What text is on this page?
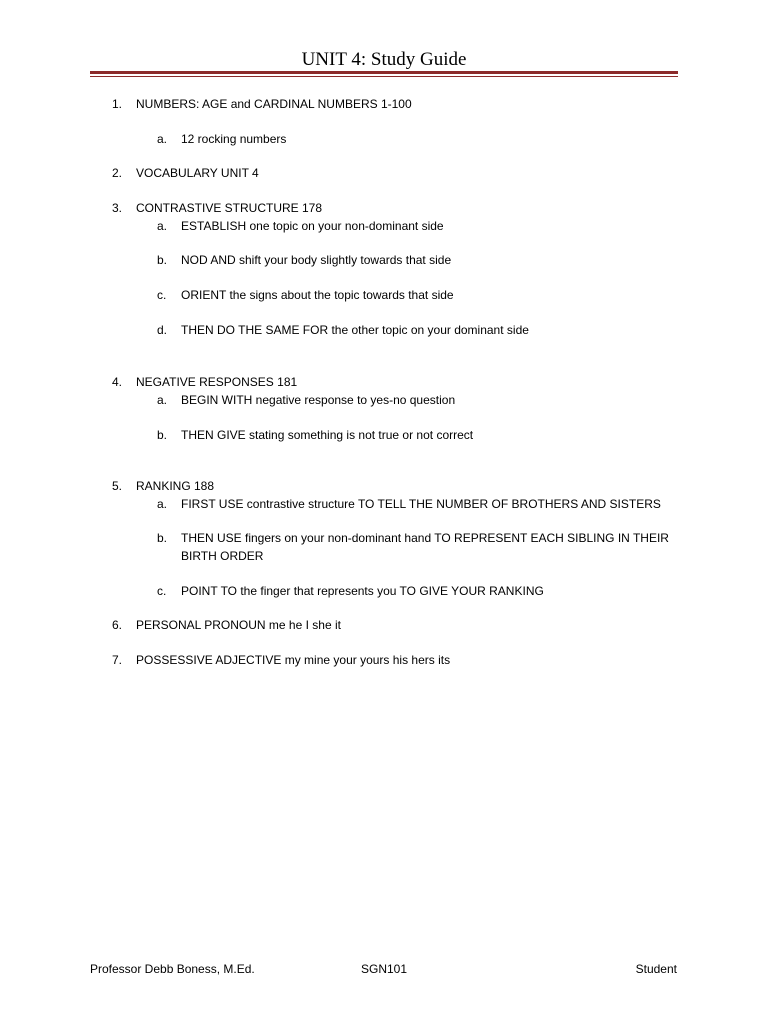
UNIT 4: Study Guide
1. NUMBERS: AGE and CARDINAL NUMBERS 1-100
a. 12 rocking numbers
2. VOCABULARY UNIT 4
3. CONTRASTIVE STRUCTURE 178
a. ESTABLISH one topic on your non-dominant side
b. NOD AND shift your body slightly towards that side
c. ORIENT the signs about the topic towards that side
d. THEN DO THE SAME FOR the other topic on your dominant side
4. NEGATIVE RESPONSES 181
a. BEGIN WITH negative response to yes-no question
b. THEN GIVE stating something is not true or not correct
5. RANKING 188
a. FIRST USE contrastive structure TO TELL THE NUMBER OF BROTHERS AND SISTERS
b. THEN USE fingers on your non-dominant hand TO REPRESENT EACH SIBLING IN THEIR
BIRTH ORDER
c. POINT TO the finger that represents you TO GIVE YOUR RANKING
6. PERSONAL PRONOUN me he I she it
7. POSSESSIVE ADJECTIVE my mine your yours his hers its
Professor Debb Boness, M.Ed.	SGN101	Student
